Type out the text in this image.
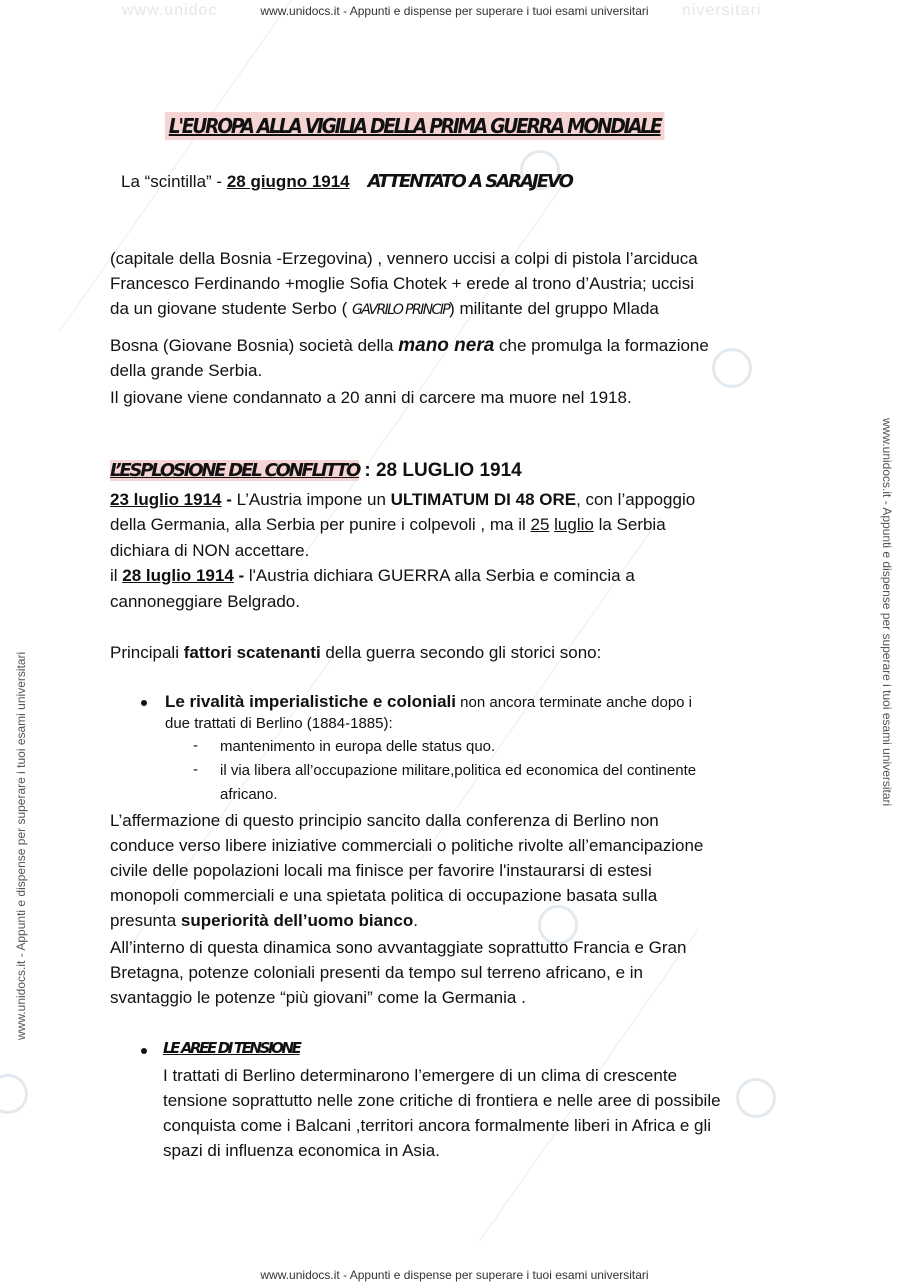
www.unidoc	niversitari
www.unidocs.it - Appunti e dispense per superare i tuoi esami universitari
www.unidocs.it - Appunti e dispense per superare i tuoi esami universitari
www.unidocs.it - Appunti e dispense per superare i tuoi esami universitari
www.unidocs.it - Appunti e dispense per superare i tuoi esami universitari
L'EUROPA ALLA VIGILIA DELLA PRIMA GUERRA MONDIALE
La “scintilla” - 28 giugno 1914 ATTENTATO A SARAJEVO
(capitale della Bosnia -Erzegovina) , vennero uccisi a colpi di pistola l’arciduca
Francesco Ferdinando +moglie Sofia Chotek + erede al trono d’Austria; uccisi
da un giovane studente Serbo ( GAVRILO PRINCIP) militante del gruppo Mlada
Bosna (Giovane Bosnia) società della mano nera che promulga la formazione
della grande Serbia.
Il giovane viene condannato a 20 anni di carcere ma muore nel 1918.
L’ESPLOSIONE DEL CONFLITTO : 28 LUGLIO 1914
23 luglio 1914 - L’Austria impone un ULTIMATUM DI 48 ORE, con l’appoggio
della Germania, alla Serbia per punire i colpevoli , ma il 25 luglio la Serbia
dichiara di NON accettare.
il 28 luglio 1914 - l'Austria dichiara GUERRA alla Serbia e comincia a
cannoneggiare Belgrado.
Principali fattori scatenanti della guerra secondo gli storici sono:
Le rivalità imperialistiche e coloniali non ancora terminate anche dopo i
due trattati di Berlino (1884-1885):
- mantenimento in europa delle status quo.
- il via libera all’occupazione militare,politica ed economica del continente
africano.
L’affermazione di questo principio sancito dalla conferenza di Berlino non
conduce verso libere iniziative commerciali o politiche rivolte all’emancipazione
civile delle popolazioni locali ma finisce per favorire l'instaurarsi di estesi
monopoli commerciali e una spietata politica di occupazione basata sulla
presunta superiorità dell’uomo bianco.
All’interno di questa dinamica sono avvantaggiate soprattutto Francia e Gran
Bretagna, potenze coloniali presenti da tempo sul terreno africano, e in
svantaggio le potenze “più giovani” come la Germania .
LE AREE DI TENSIONE
I trattati di Berlino determinarono l’emergere di un clima di crescente
tensione soprattutto nelle zone critiche di frontiera e nelle aree di possibile
conquista come i Balcani ,territori ancora formalmente liberi in Africa e gli
spazi di influenza economica in Asia.
